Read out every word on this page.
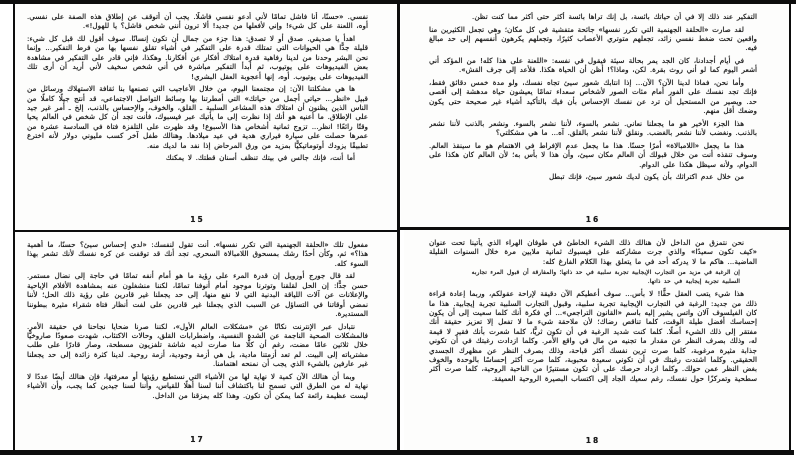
نفسي. «حسنًا، أنا فاشل تمامًا لأني أدعو نفسي فاشلًا. يجب أن أتوقف عن إطلاق هذه الصفة على نفسي. أوه، اللعنة على كل شيء! وإني لأفعلها من جديد! ألا ترون أنني شخص فاشل؟ يا للهول!».

اهدأ يا صديقي. صدق أو لا تصدق: هذا جزء من جمال أن تكون إنسانًا. سوف أقول لك قبل كل شيء: قليلة جدًّا هي الحيوانات التي تمتلك قدرة على التفكير في أشياء تقلق نفسها بها من فرط التفكير... وإنما نحن البشر وحدنا من لدينا رفاهية قدرة امتلاك أفكار عن أفكارنا. وهكذا، فإني قادر على التفكير في مشاهدة بعض الفيديوهات على يوتيوب، ثم أبدأ التفكير مباشرة في أني شخص سخيف لأني أريد أن أرى تلك الفيديوهات على يوتيوب. أوه، إنها أعجوبة العقل البشري!

ها هي مشكلتنا الآن: إن مجتمعنا اليوم، من خلال الأعاجيب التي تصنعها بنا ثقافة الاستهلاك ورسائل من قبيل «انظر... حياتي أجمل من حياتك» التي أمطرتنا بها وسائط التواصل الاجتماعي، قد أنتج جيلًا كاملًا من الناس الذين يظنون أن امتلاك هذه المشاعر السلبية ـ القلق، والخوف، والإحساس بالذنب، إلخ ـ أمر غير جيد على الإطلاق. ما أعنيه هو أنك إذا نظرت إلى ما يأتيك عبر فيسبوك، فأنت تجد أن كل شخص في العالم يحيا وقتًا رائعًا! انظر... تزوج ثمانية أشخاص هذا الأسبوع! وقد ظهرت على التلفزة فتاة في السادسة عشرة من عمرها حصلت على سيارة فيراري هدية في عيد ميلادها. وهنالك طفل آخر كسب مليوني دولار لأنه اخترع تطبيقًا يزودك أوتوماتيكيًّا بمزيد من ورق المرحاض إذا نفد ما لديك منه.

أما أنت، فإنك جالس في بيتك تنظف أسنان قطتك. لا يمكنك

15

التفكير عند ذلك إلا في أن حياتك بائسة، بل إنك تراها بائسة أكثر حتى أكثر مما كنت تظن.

لقد صارت «الحلقة الجهنمية التي تكرر نفسها» جائحة متفشية في كل مكان؛ وهي تجعل الكثيرين منا واقعين تحت ضغط نفسي زائد، تجعلهم متوتري الأعصاب كثيرًا، وتجعلهم يكرهون أنفسهم إلى حد مبالغ فيه.

في أيام أجدادنا، كان الجد يمر بحالة سيئة فيقول في نفسه: «اللعنة على هذا كله! من المؤكد أني أشعر اليوم كما لو أني روث بقرة. لكن، وماذا؟! أظن أن الحياة هكذا. فلأعد إلى جرف القش».

وأما نحن، فماذا لدينا الآن؟ الآن... إذا انتابك شعور سيئ تجاه نفسك، ولو مدة خمس دقائق فقط، فإنك تجد نفسك على الفور أمام مئات الصور لأشخاص سعداء تمامًا يعيشون حياة مدهشة إلى أقصى حد. ويصير من المستحيل أن ترد عن نفسك الإحساس بأن فيك بالتأكيد أشياء غير صحيحة حتى يكون وضعك أقل منهم.

هذا الجزء الأخير هو ما يجعلنا نعاني. نشعر بالسوء، لأننا نشعر بالسوء. ونشعر بالذنب لأننا نشعر بالذنب. ونغضب لأننا نشعر بالغضب. ونقلق لأننا نشعر بالقلق. آه... ما هي مشكلتي؟

هذا ما يجعل «اللامبالاة» أمرًا حسنًا. هذا ما يجعل عدم الإفراط في الاهتمام هو ما سينقذ العالم. وسوف تنقذه أنت من خلال قبولك أن العالم مكان سيئ، وأن هذا لا بأس به؛ لأن العالم كان هكذا على الدوام، ولأنه سيظل هكذا على الدوام.

من خلال عدم اكتراثك بأن يكون لديك شعور سيئ، فإنك تبطل

16

مفعول تلك «الحلقة الجهنمية التي تكرر نفسها». أنت تقول لنفسك: «لدي إحساس سيئ؟ حسنًا، ما أهمية هذا؟» ثم، وكأن أحدًا رشك بمسحوق اللامبالاة السحري، تجد أنك قد توقفت عن كره نفسك لأنك تشعر بهذا السوء كله.

لقد قال جورج أورويل إن قدرة المرء على رؤية ما هو أمام أنفه تمامًا في حاجة إلى نضال مستمر. حسن جدًّا: إن الحل لقلقنا وتوترنا موجود أمام أنوفنا تمامًا، لكننا منشغلون عنه بمشاهدة الأفلام الإباحية والإعلانات عن آلات اللياقة البدنية التي لا نفع منها، إلى حد يجعلنا غير قادرين على رؤية ذلك الحل؛ لأننا نمضي أوقاتنا في التساؤل عن السبب الذي يجعلنا غير قادرين على لفت أنظار فتاة شقراء مثيرة ببطوننا المستديرة.

نتبادل عبر الإنترنت نكاتًا عن «مشكلات العالم الأول»، لكننا صرنا ضحايا نجاحنا في حقيقة الأمر. فالمشكلات الصحية الناجمة عن الشدة النفسية، واضطرابات القلق، وحالات الاكتئاب، شهدت صعودًا صاروخيًّا خلال ثلاثين عامًا مضت، رغم أن كلًّا منا صارت لديه شاشة تلفزيون مسطحة، وصار قادرًا على طلب مشترياته إلى البيت. لم تعد أزمتنا مادية، بل هي أزمة وجودية، أزمة روحية. لدينا كثرة زائدة إلى حد يجعلنا غير عارفين بالشيء الذي يجب أن نمنحه اهتمامنا.

وبما أن هنالك الآن كمية لا نهاية لها من الأشياء التي نستطيع رؤيتها أو معرفتها، فإن هنالك أيضًا عددًا لا نهاية له من الطرق التي تسمح لنا باكتشاف أننا لسنا أهلًا للقياس، وأننا لسنا جيدين كما يجب، وأن الأشياء ليست عظيمة رائعة كما يمكن أن تكون. وهذا كله يمزقنا من الداخل.

17

نحن نتمزق من الداخل لأن هنالك ذلك الشيء الخاطئ في طوفان الهراء الذي يأتينا تحت عنوان «كيف تكون سعيدًا» والذي جرت مشاركته على فيسبوك ثمانية ملايين مرة خلال السنوات القليلة الماضية... هاكم ما لا يدركه أحد في ما يتعلق بهذا الكلام الفارغ كله:

إن الرغبة في مزيد من التجارب الإيجابية تجربة سلبية في حد ذاتها؛ والمفارقة أن قبول المرء تجاربه السلبية تجربة إيجابية في حد ذاتها.

هذا شيء يتعب العقل حقًّا! لا بأس... سوف أعطيكم الآن دقيقة لإراحة عقولكم، وربما إعادة قراءة ذلك من جديد: الرغبة في التجارب الإيجابية تجربة سلبية، وقبول التجارب السلبية تجربة إيجابية. هذا ما كان الفيلسوف آلان واتس يشير إليه باسم «القانون التراجعي»... أي فكرة أنك كلما سعيت إلى أن يكون إحساسك أفضل طيلة الوقت، كلما تناقص رضاك؛ لأن ملاحقة شيء ما لا تفعل إلا تعزيز حقيقة أنك مفتقر إلى ذلك الشيء أصلًا. كلما كنت شديد الرغبة في أن تكون ثريًّا، كلما شعرت بأنك فقير لا قيمة له، وذلك بصرف النظر عن مقدار ما تجنيه من مال في واقع الأمر. وكلما ازدادت رغبتك في أن تكوني جذابة مثيرة مرغوبة، كلما صرت ترين نفسك أكثر قباحة، وذلك بصرف النظر عن مظهرك الجسدي الحقيقي. وكلما اشتدت رغبتك في أن تكوني سعيدة محبوبة، كلما صرت أكثر إحساسًا بالوحدة والخوف بغض النظر عمن حولك. وكلما ازداد حرصك على أن تكون مستنيرًا من الناحية الروحية، كلما صرت أكثر سطحية وتمركزًا حول نفسك، رغم سعيك الجاد إلى اكتساب البصيرة الروحية العميقة.

18
